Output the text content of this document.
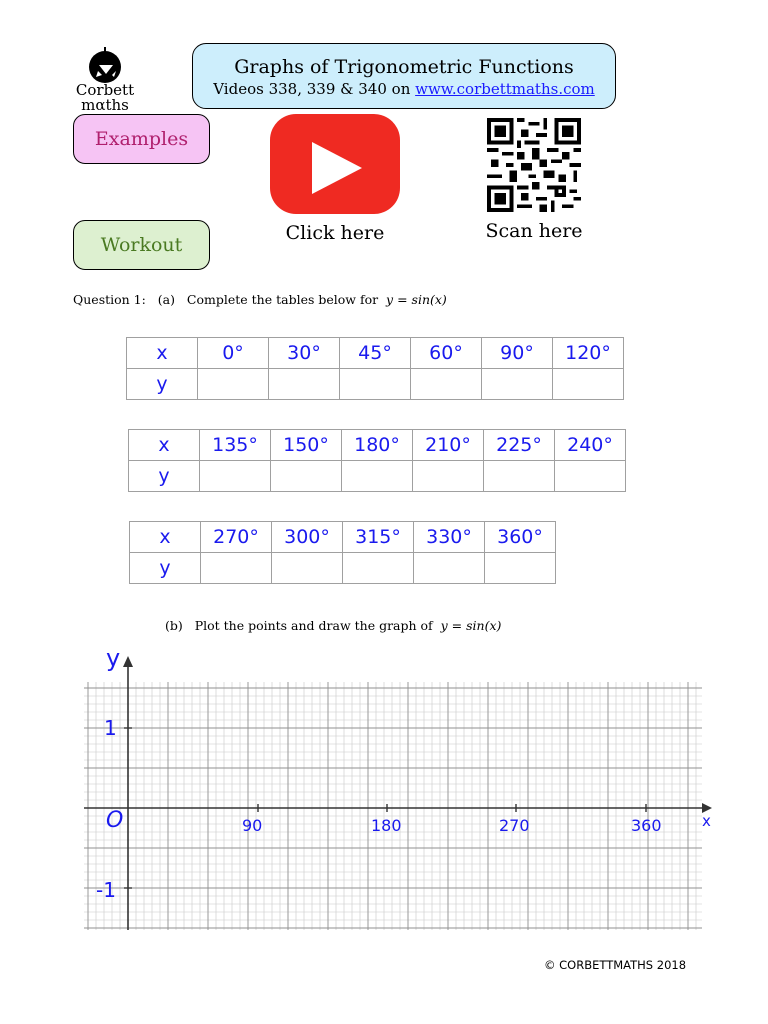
Corbett
mαths
Graphs of Trigonometric Functions
Videos 338, 339 & 340 on www.corbettmaths.com
Examples
Workout
Click here	Scan here
Question 1: (a) Complete the tables below for y = sin(x)
x	0°	30°	45°	60°	90°	120°
y						
x	135°	150°	180°	210°	225°	240°
y						
x	270°	300°	315°	330°	360°
y					
(b) Plot the points and draw the graph of y = sin(x)
y
x
O
1
-1
90	180	270	360
© CORBETTMATHS 2018
